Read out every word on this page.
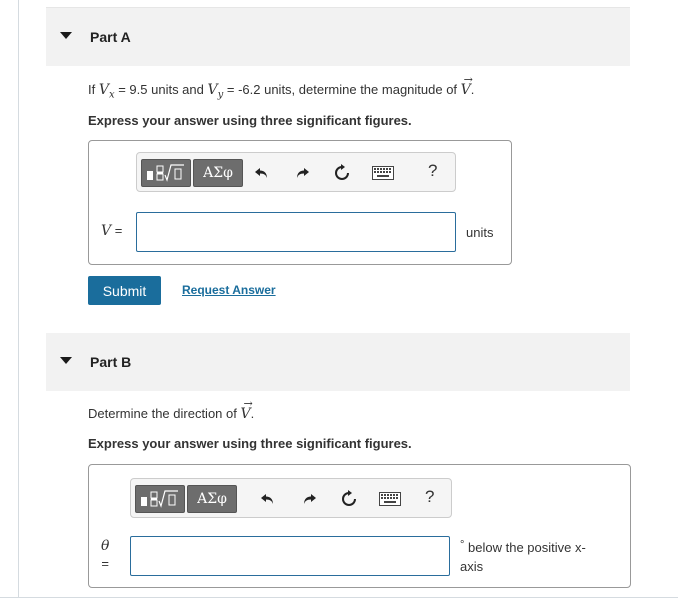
Part A
If $V_x = 9.5$ units and $V_y = -6.2$ units, determine the magnitude of
→
V.
Express your answer using three significant figures.
ΑΣφ	?
V =	units
Submit	Request Answer
Part B
Determine the direction of
→
V.
Express your answer using three significant figures.
ΑΣφ	?
θ
=
° below the positive x-
axis
